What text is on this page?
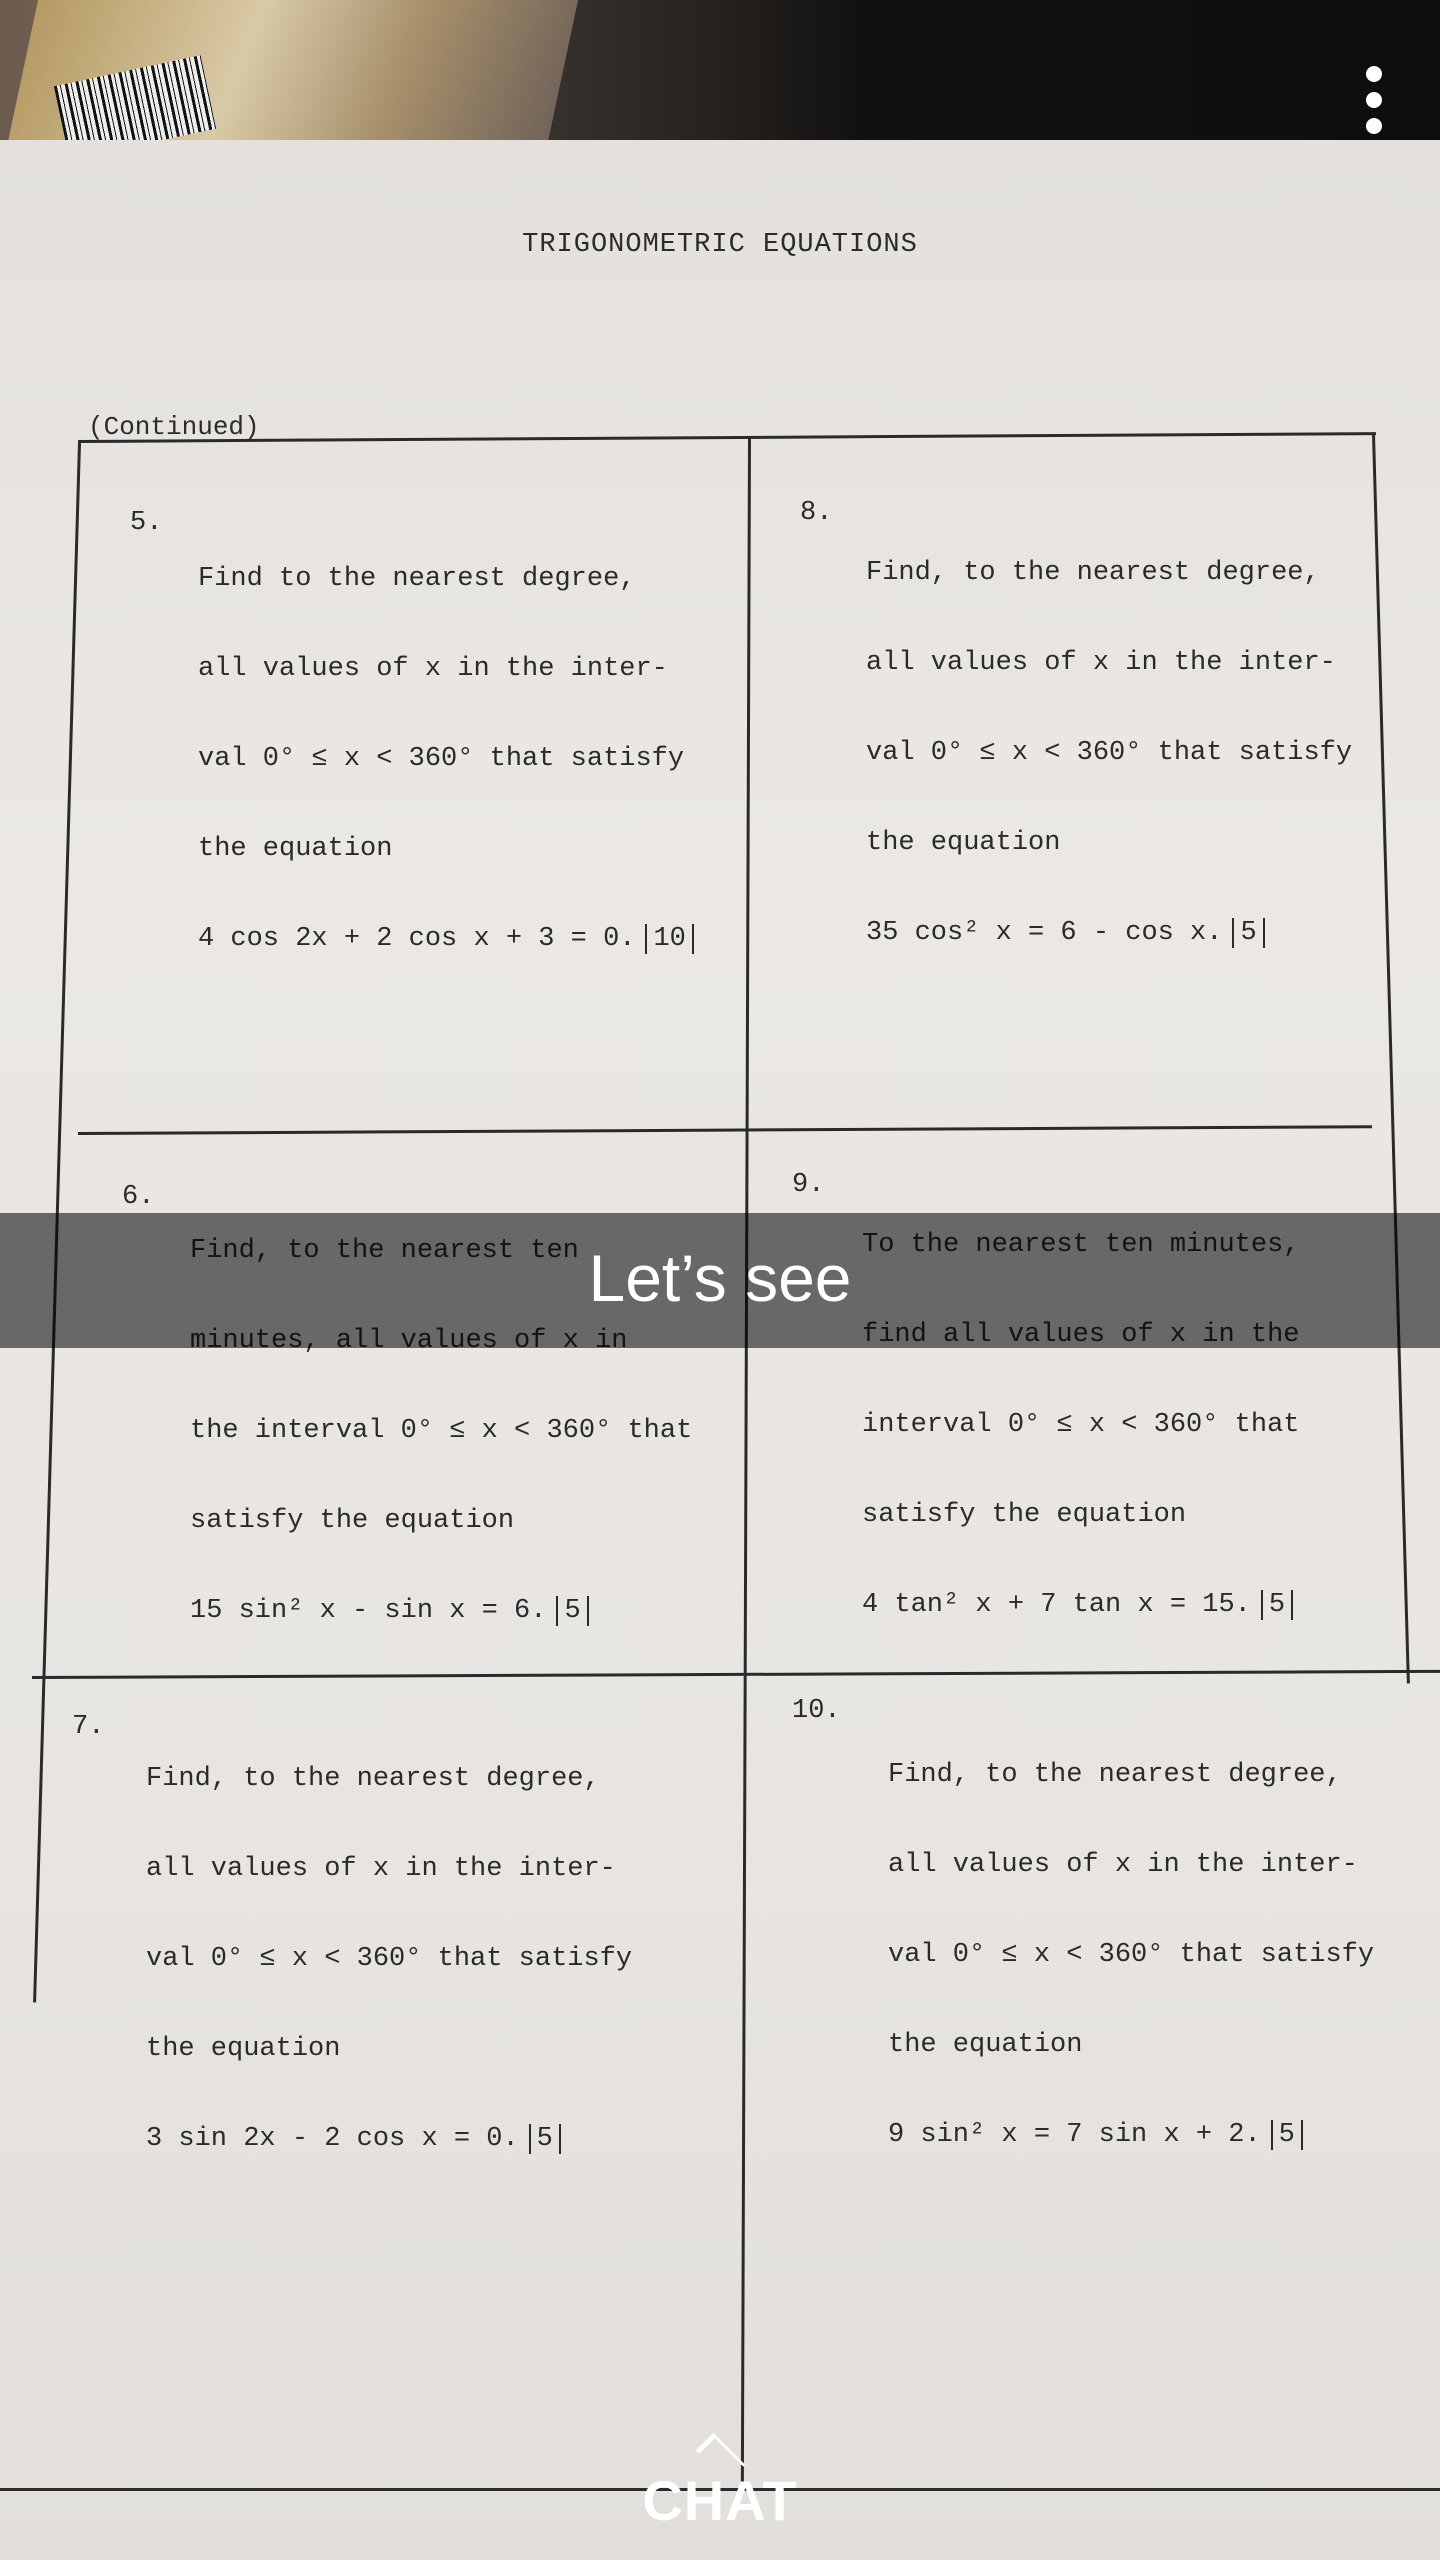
TRIGONOMETRIC EQUATIONS
(Continued)
5.

Find to the nearest degree,

all values of x in the inter-

val 0° ≤ x < 360° that satisfy

the equation

4 cos 2x + 2 cos x + 3 = 0. 10

8.

Find, to the nearest degree,

all values of x in the inter-

val 0° ≤ x < 360° that satisfy

the equation

35 cos² x = 6 - cos x. 5

6.

the interval 0° ≤ x < 360° that

satisfy the equation

15 sin² x - sin x = 6. 5

9.

interval 0° ≤ x < 360° that

satisfy the equation

4 tan² x + 7 tan x = 15. 5

7.

Find, to the nearest degree,

all values of x in the inter-

val 0° ≤ x < 360° that satisfy

the equation

3 sin 2x - 2 cos x = 0. 5

10.

Find, to the nearest degree,

all values of x in the inter-

val 0° ≤ x < 360° that satisfy

the equation

9 sin² x = 7 sin x + 2. 5

Let’s see
CHAT
